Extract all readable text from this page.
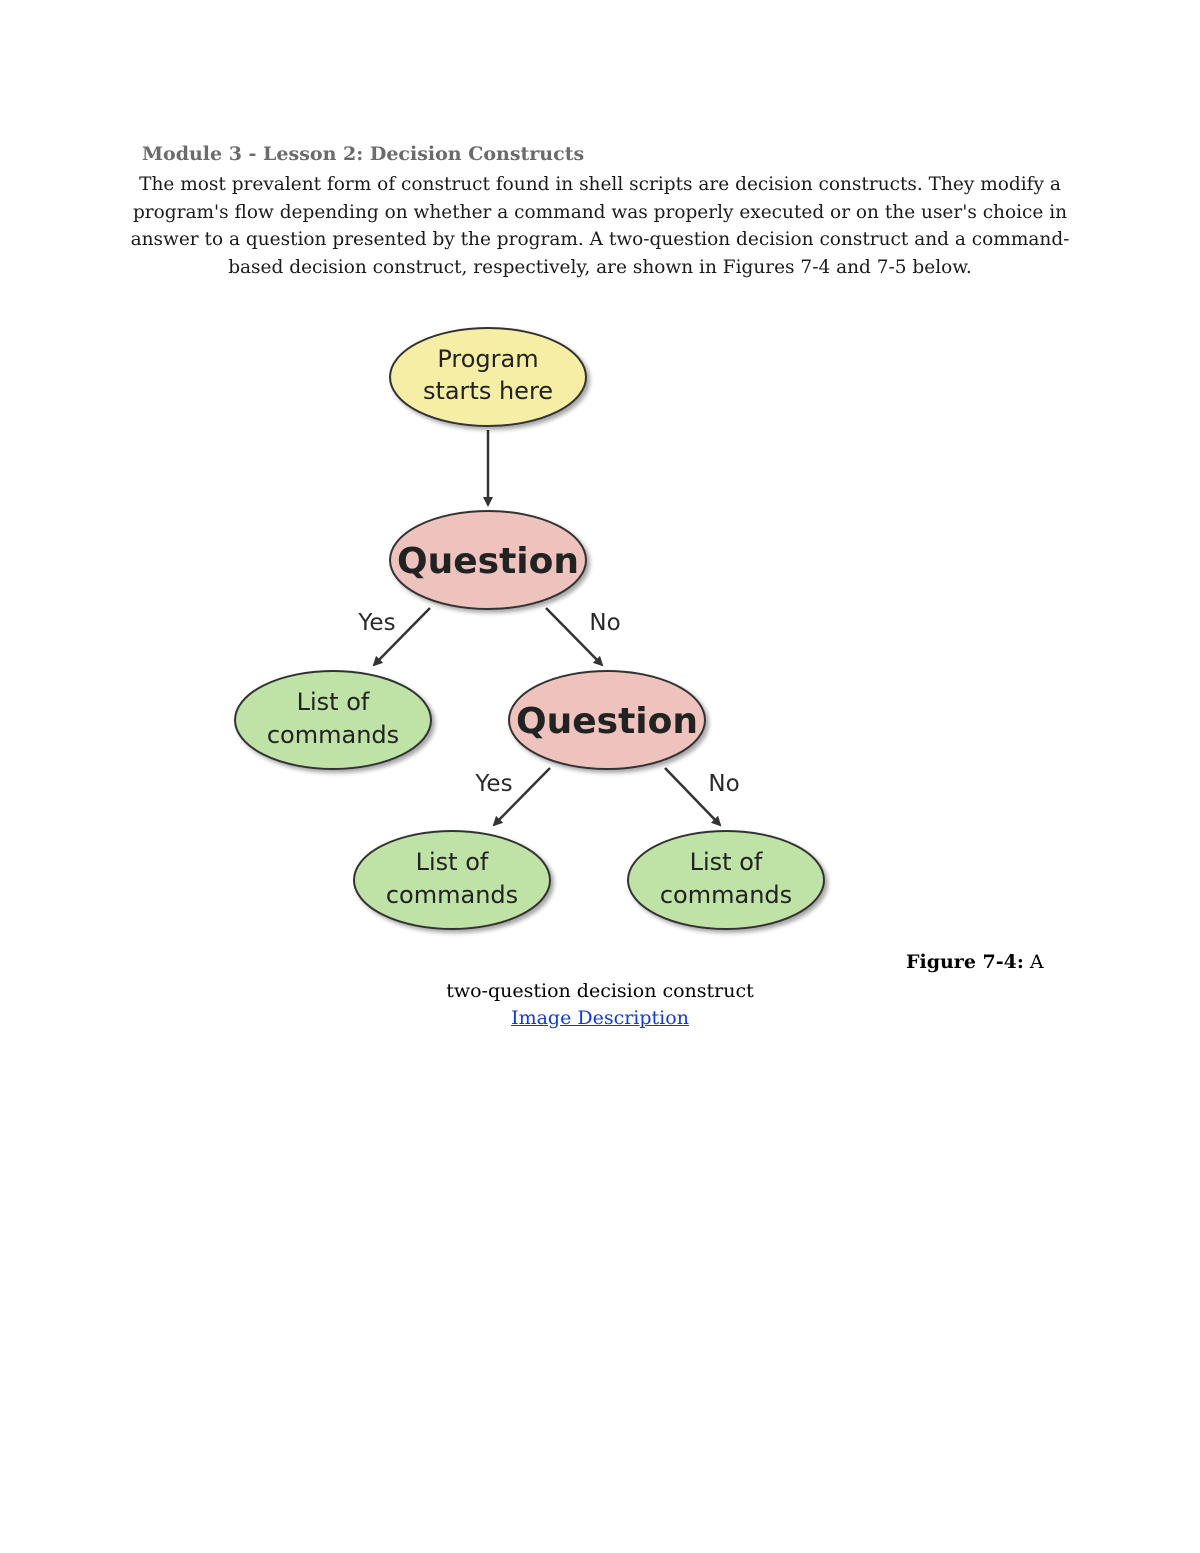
Module 3 - Lesson 2: Decision Constructs

The most prevalent form of construct found in shell scripts are decision constructs. They modify a program's flow depending on whether a command was properly executed or on the user's choice in answer to a question presented by the program. A two-question decision construct and a command-based decision construct, respectively, are shown in Figures 7-4 and 7-5 below.

Yes	No
Yes	No
Program
starts here
Question
List of
commands	Question
List of
commands
List of
commands
Figure 7-4: A
two-question decision construct
Image Description
